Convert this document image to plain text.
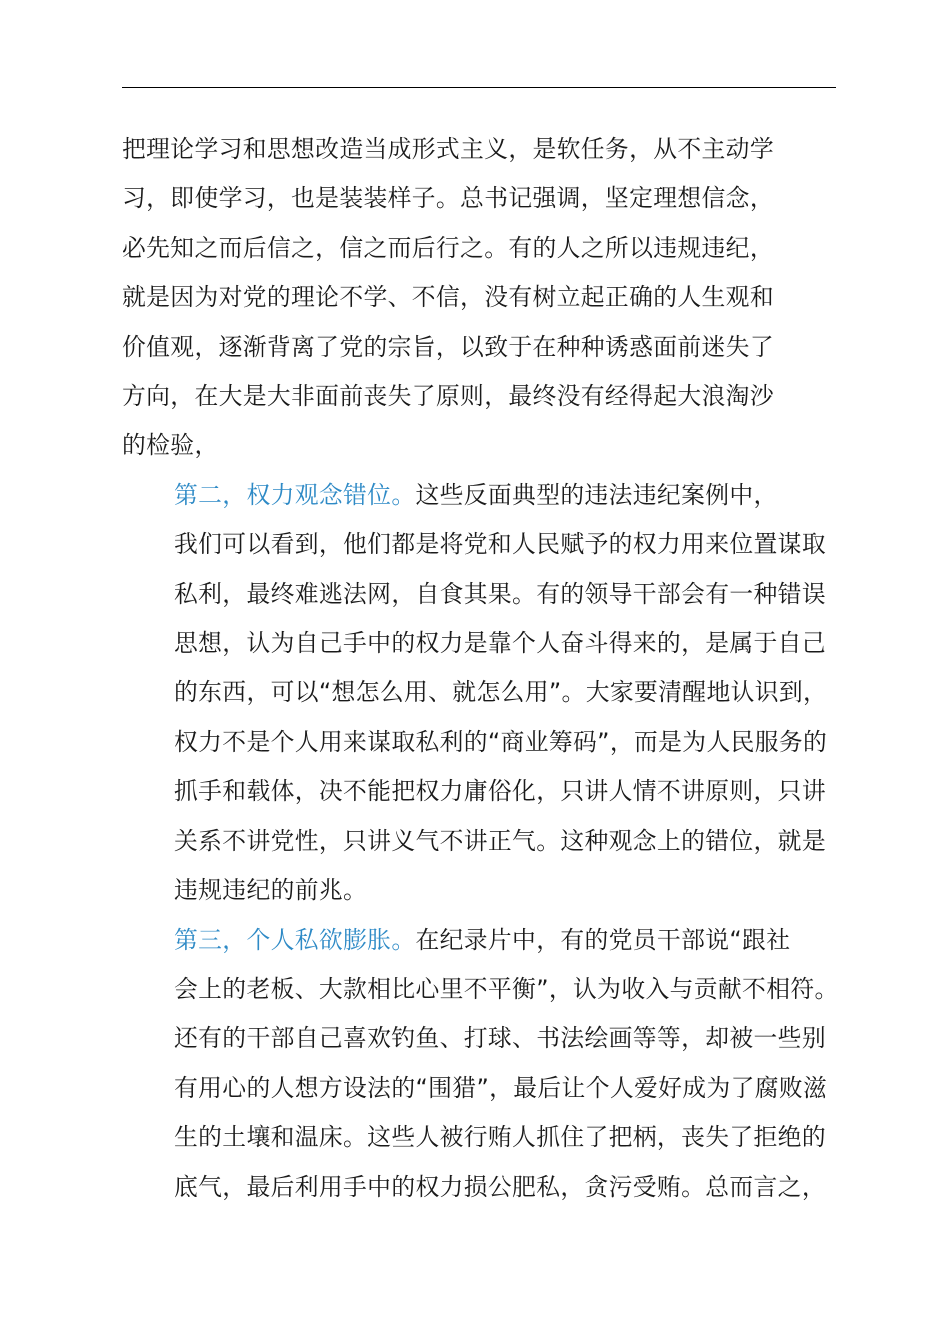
把理论学习和思想改造当成形式主义，是软任务，从不主动学
习，即使学习，也是装装样子。总书记强调，坚定理想信念，
必先知之而后信之，信之而后行之。有的人之所以违规违纪，
就是因为对党的理论不学、不信，没有树立起正确的人生观和
价值观，逐渐背离了党的宗旨，以致于在种种诱惑面前迷失了
方向，在大是大非面前丧失了原则，最终没有经得起大浪淘沙
的检验，
第二，权力观念错位。这些反面典型的违法违纪案例中，
我们可以看到，他们都是将党和人民赋予的权力用来位置谋取
私利，最终难逃法网，自食其果。有的领导干部会有一种错误
思想，认为自己手中的权力是靠个人奋斗得来的，是属于自己
的东西，可以“想怎么用、就怎么用”。大家要清醒地认识到，
权力不是个人用来谋取私利的“商业筹码”，而是为人民服务的
抓手和载体，决不能把权力庸俗化，只讲人情不讲原则，只讲
关系不讲党性，只讲义气不讲正气。这种观念上的错位，就是
违规违纪的前兆。
第三，个人私欲膨胀。在纪录片中，有的党员干部说“跟社
会上的老板、大款相比心里不平衡”，认为收入与贡献不相符。
还有的干部自己喜欢钓鱼、打球、书法绘画等等，却被一些别
有用心的人想方设法的“围猎”，最后让个人爱好成为了腐败滋
生的土壤和温床。这些人被行贿人抓住了把柄，丧失了拒绝的
底气，最后利用手中的权力损公肥私，贪污受贿。总而言之，
